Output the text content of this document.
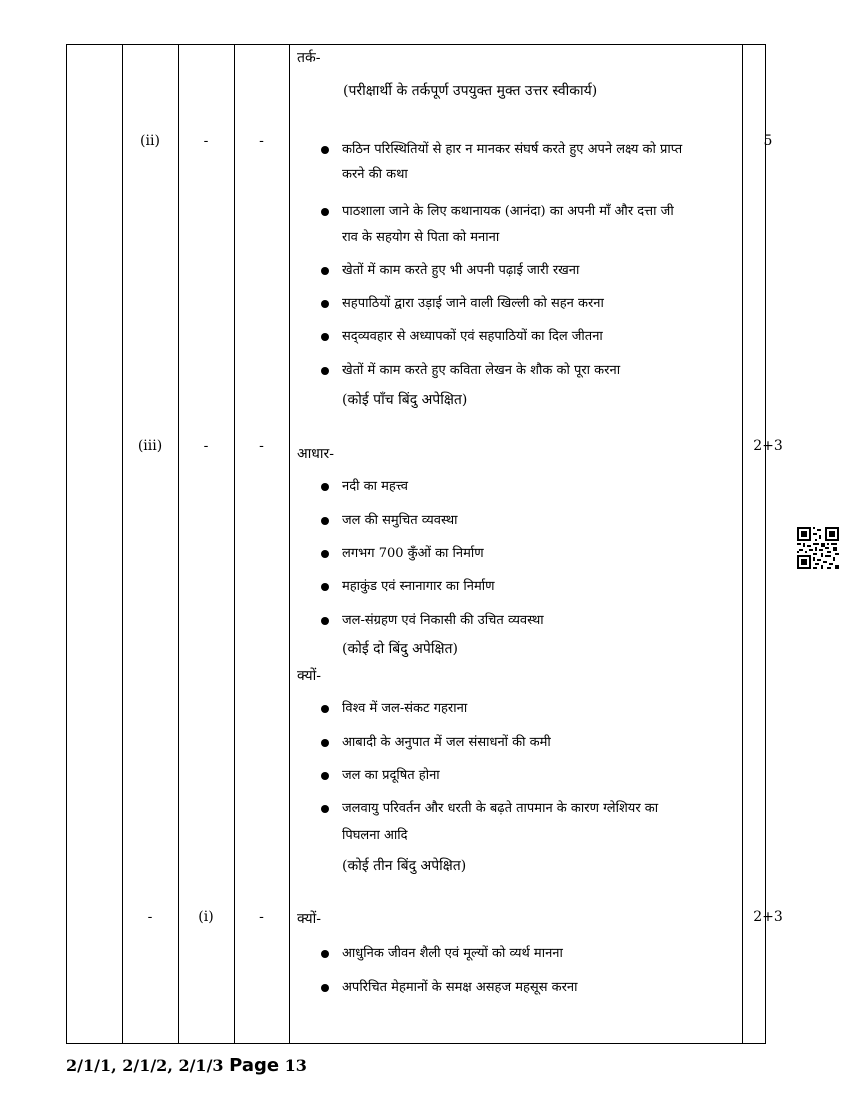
तर्क-
(परीक्षार्थी के तर्कपूर्ण उपयुक्त मुक्त उत्तर स्वीकार्य)
(ii)	-	-	5
कठिन परिस्थितियों से हार न मानकर संघर्ष करते हुए अपने लक्ष्य को प्राप्त
करने की कथा
पाठशाला जाने के लिए कथानायक (आनंदा) का अपनी माँ और दत्ता जी
राव के सहयोग से पिता को मनाना
खेतों में काम करते हुए भी अपनी पढ़ाई जारी रखना
सहपाठियों द्वारा उड़ाई जाने वाली खिल्ली को सहन करना
सद्‌व्यवहार से अध्यापकों एवं सहपाठियों का दिल जीतना
खेतों में काम करते हुए कविता लेखन के शौक को पूरा करना
(कोई पाँच बिंदु अपेक्षित)
(iii)	-	-	2+3
आधार-
नदी का महत्त्व
जल की समुचित व्यवस्था
लगभग 700 कुँओं का निर्माण
महाकुंड एवं स्नानागार का निर्माण
जल-संग्रहण एवं निकासी की उचित व्यवस्था
(कोई दो बिंदु अपेक्षित)
क्यों-
विश्व में जल-संकट गहराना
आबादी के अनुपात में जल संसाधनों की कमी
जल का प्रदूषित होना
जलवायु परिवर्तन और धरती के बढ़ते तापमान के कारण ग्लेशियर का
पिघलना आदि
(कोई तीन बिंदु अपेक्षित)
-	(i)	-	2+3
क्यों-
आधुनिक जीवन शैली एवं मूल्यों को व्यर्थ मानना
अपरिचित मेहमानों के समक्ष असहज महसूस करना
2/1/1, 2/1/2, 2/1/3 Page 13
